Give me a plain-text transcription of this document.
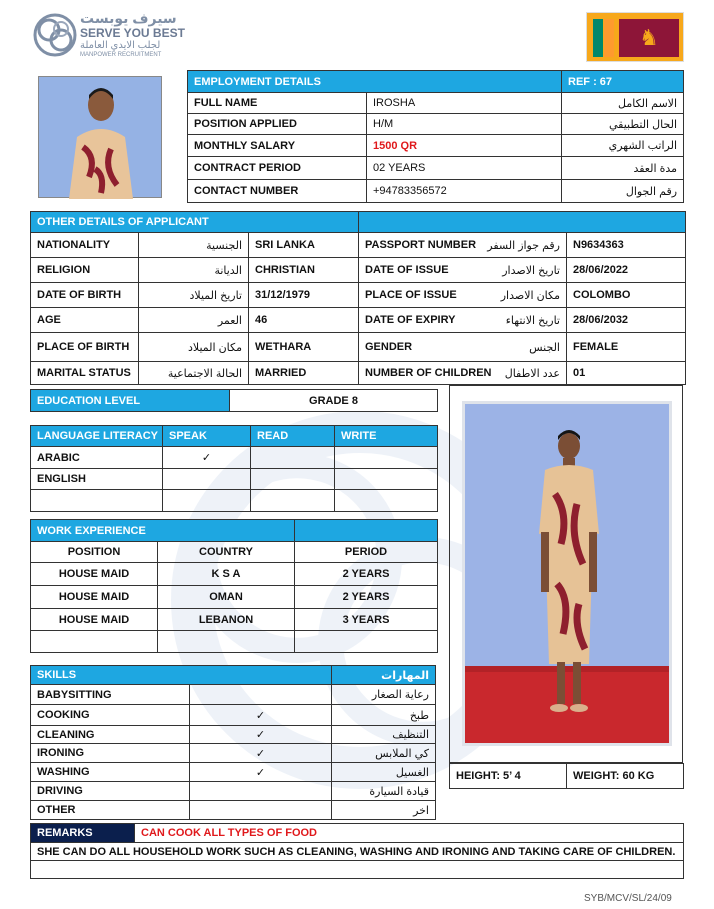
سيرف يوبست
SERVE YOU BEST
لجلب الايدي العاملة
MANPOWER RECRUITMENT
♞
EMPLOYMENT DETAILS		REF : 67
FULL NAME	IROSHA	الاسم الكامل
POSITION APPLIED	H/M	الحال التطبيقي
MONTHLY SALARY	1500 QR	الراتب الشهري
CONTRACT PERIOD	02 YEARS	مدة العقد
CONTACT NUMBER	+94783356572	رقم الجوال
OTHER DETAILS OF APPLICANT					
NATIONALITY	الجنسية	SRI LANKA	PASSPORT NUMBER	رقم جواز السفر	N9634363
RELIGION	الديانة	CHRISTIAN	DATE OF ISSUE	تاريخ الاصدار	28/06/2022
DATE OF BIRTH	تاريخ الميلاد	31/12/1979	PLACE OF ISSUE	مكان الاصدار	COLOMBO
AGE	العمر	46	DATE OF EXPIRY	تاريخ الانتهاء	28/06/2032
PLACE OF BIRTH	مكان الميلاد	WETHARA	GENDER	الجنس	FEMALE
MARITAL STATUS	الحالة الاجتماعية	MARRIED	NUMBER OF CHILDREN	عدد الاطفال	01
EDUCATION LEVEL	GRADE 8
LANGUAGE LITERACY	SPEAK	READ	WRITE
ARABIC	✓		
ENGLISH			

WORK EXPERIENCE		
POSITION	COUNTRY	PERIOD
HOUSE MAID	K S A	2 YEARS
HOUSE MAID	OMAN	2 YEARS
HOUSE MAID	LEBANON	3 YEARS

SKILLS		المهارات
BABYSITTING		رعاية الصغار
COOKING	✓	طبخ
CLEANING	✓	التنظيف
IRONING	✓	كي الملابس
WASHING	✓	الغسيل
DRIVING		قيادة السيارة
OTHER		اخر
HEIGHT: 5’ 4	WEIGHT: 60 KG
REMARKS	CAN COOK ALL TYPES OF FOOD
SHE CAN DO ALL HOUSEHOLD WORK SUCH AS CLEANING, WASHING AND IRONING AND TAKING CARE OF CHILDREN.

SYB/MCV/SL/24/09
